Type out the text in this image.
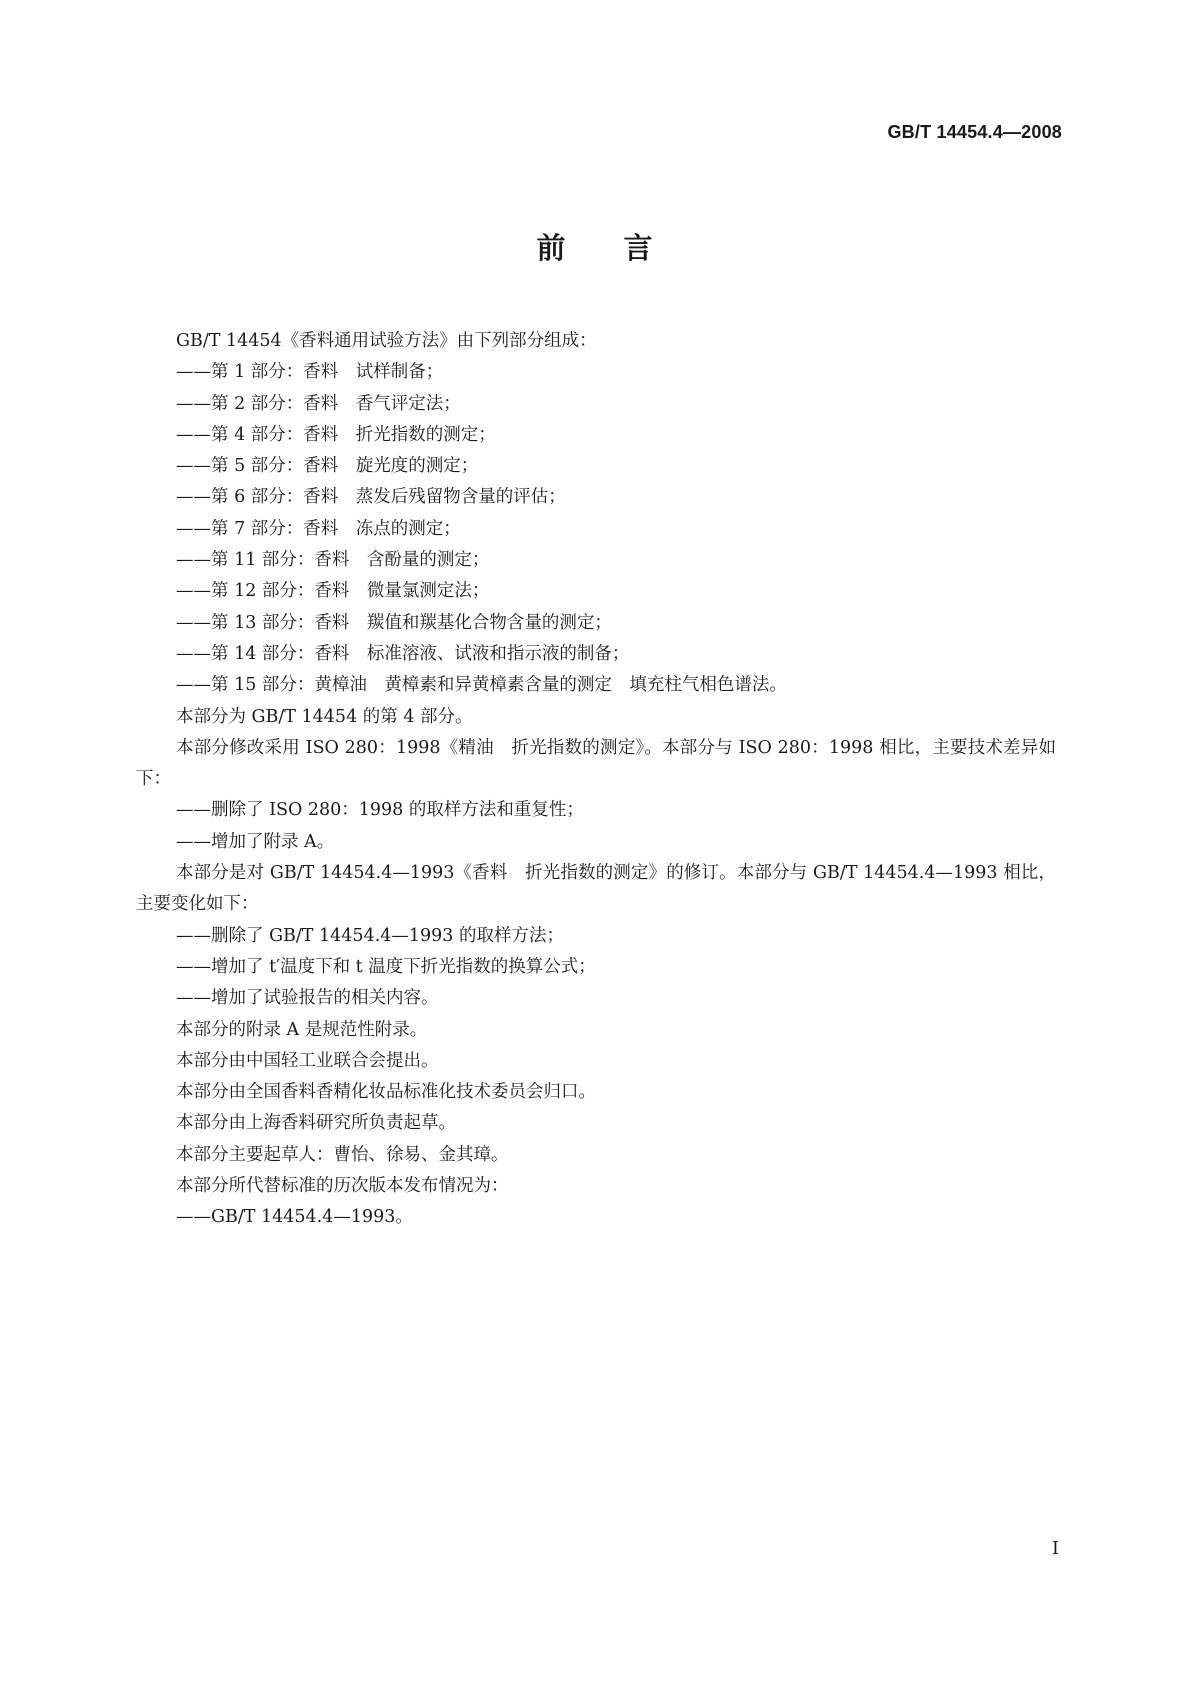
GB/T 14454.4—2008
前 言

GB/T 14454《香料通用试验方法》由下列部分组成：

——第 1 部分：香料　试样制备；

——第 2 部分：香料　香气评定法；

——第 4 部分：香料　折光指数的测定；

——第 5 部分：香料　旋光度的测定；

——第 6 部分：香料　蒸发后残留物含量的评估；

——第 7 部分：香料　冻点的测定；

——第 11 部分：香料　含酚量的测定；

——第 12 部分：香料　微量氯测定法；

——第 13 部分：香料　羰值和羰基化合物含量的测定；

——第 14 部分：香料　标准溶液、试液和指示液的制备；

——第 15 部分：黄樟油　黄樟素和异黄樟素含量的测定　填充柱气相色谱法。

本部分为 GB/T 14454 的第 4 部分。

本部分修改采用 ISO 280：1998《精油　折光指数的测定》。本部分与 ISO 280：1998 相比，主要技术差异如下：

——删除了 ISO 280：1998 的取样方法和重复性；

——增加了附录 A。

本部分是对 GB/T 14454.4—1993《香料　折光指数的测定》的修订。本部分与 GB/T 14454.4—1993 相比，主要变化如下：

——删除了 GB/T 14454.4—1993 的取样方法；

——增加了 t′温度下和 t 温度下折光指数的换算公式；

——增加了试验报告的相关内容。

本部分的附录 A 是规范性附录。

本部分由中国轻工业联合会提出。

本部分由全国香料香精化妆品标准化技术委员会归口。

本部分由上海香料研究所负责起草。

本部分主要起草人：曹怡、徐易、金其璋。

本部分所代替标准的历次版本发布情况为：

——GB/T 14454.4—1993。

I
